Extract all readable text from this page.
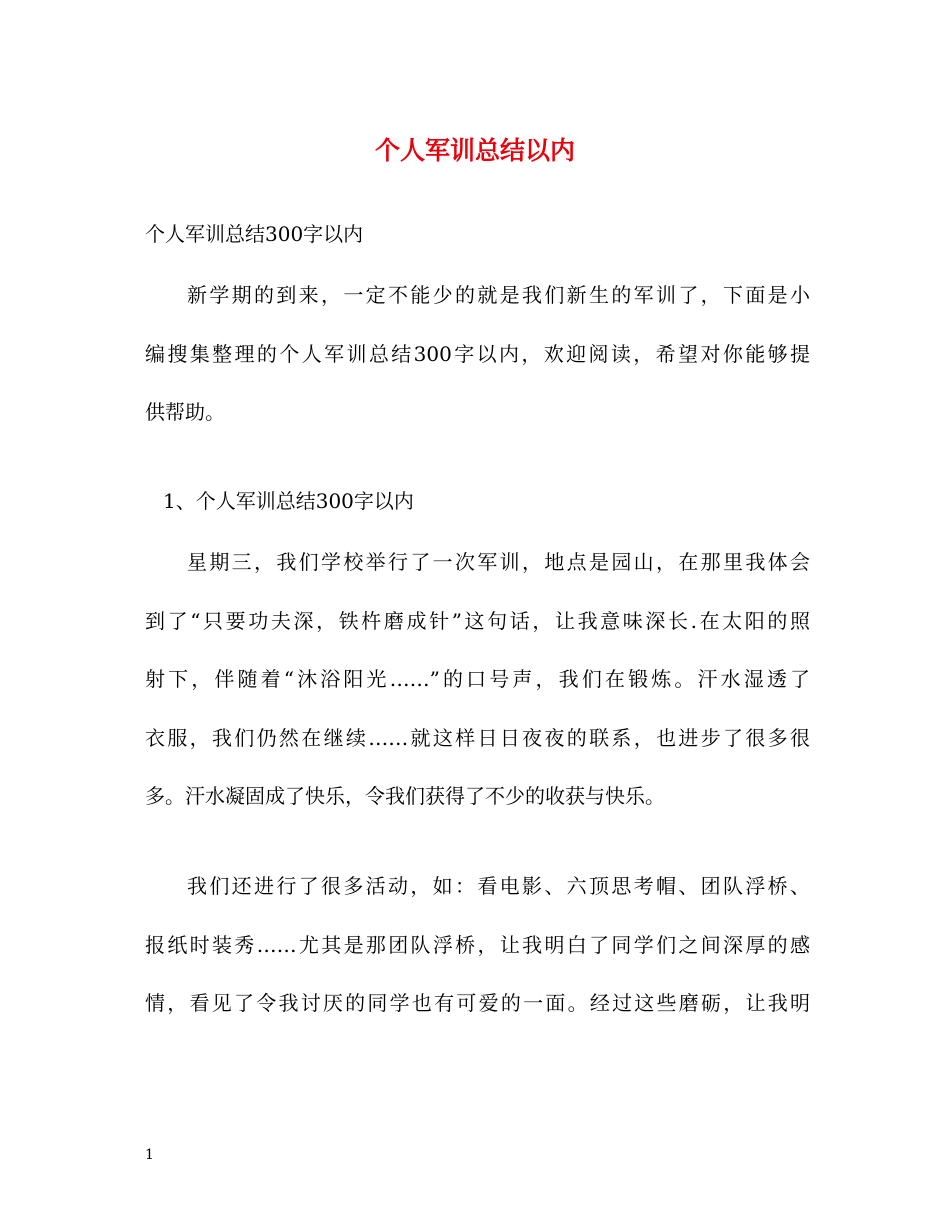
个人军训总结以内

个人军训总结300字以内

新学期的到来，一定不能少的就是我们新生的军训了，下面是小
编搜集整理的个人军训总结300字以内，欢迎阅读，希望对你能够提
供帮助。

1、个人军训总结300字以内

星期三，我们学校举行了一次军训，地点是园山，在那里我体会
到了“只要功夫深，铁杵磨成针”这句话，让我意味深长.在太阳的照
射下，伴随着“沐浴阳光……”的口号声，我们在锻炼。汗水湿透了
衣服，我们仍然在继续……就这样日日夜夜的联系，也进步了很多很
多。汗水凝固成了快乐，令我们获得了不少的收获与快乐。
我们还进行了很多活动，如：看电影、六顶思考帽、团队浮桥、
报纸时装秀……尤其是那团队浮桥，让我明白了同学们之间深厚的感
情，看见了令我讨厌的同学也有可爱的一面。经过这些磨砺，让我明

1
